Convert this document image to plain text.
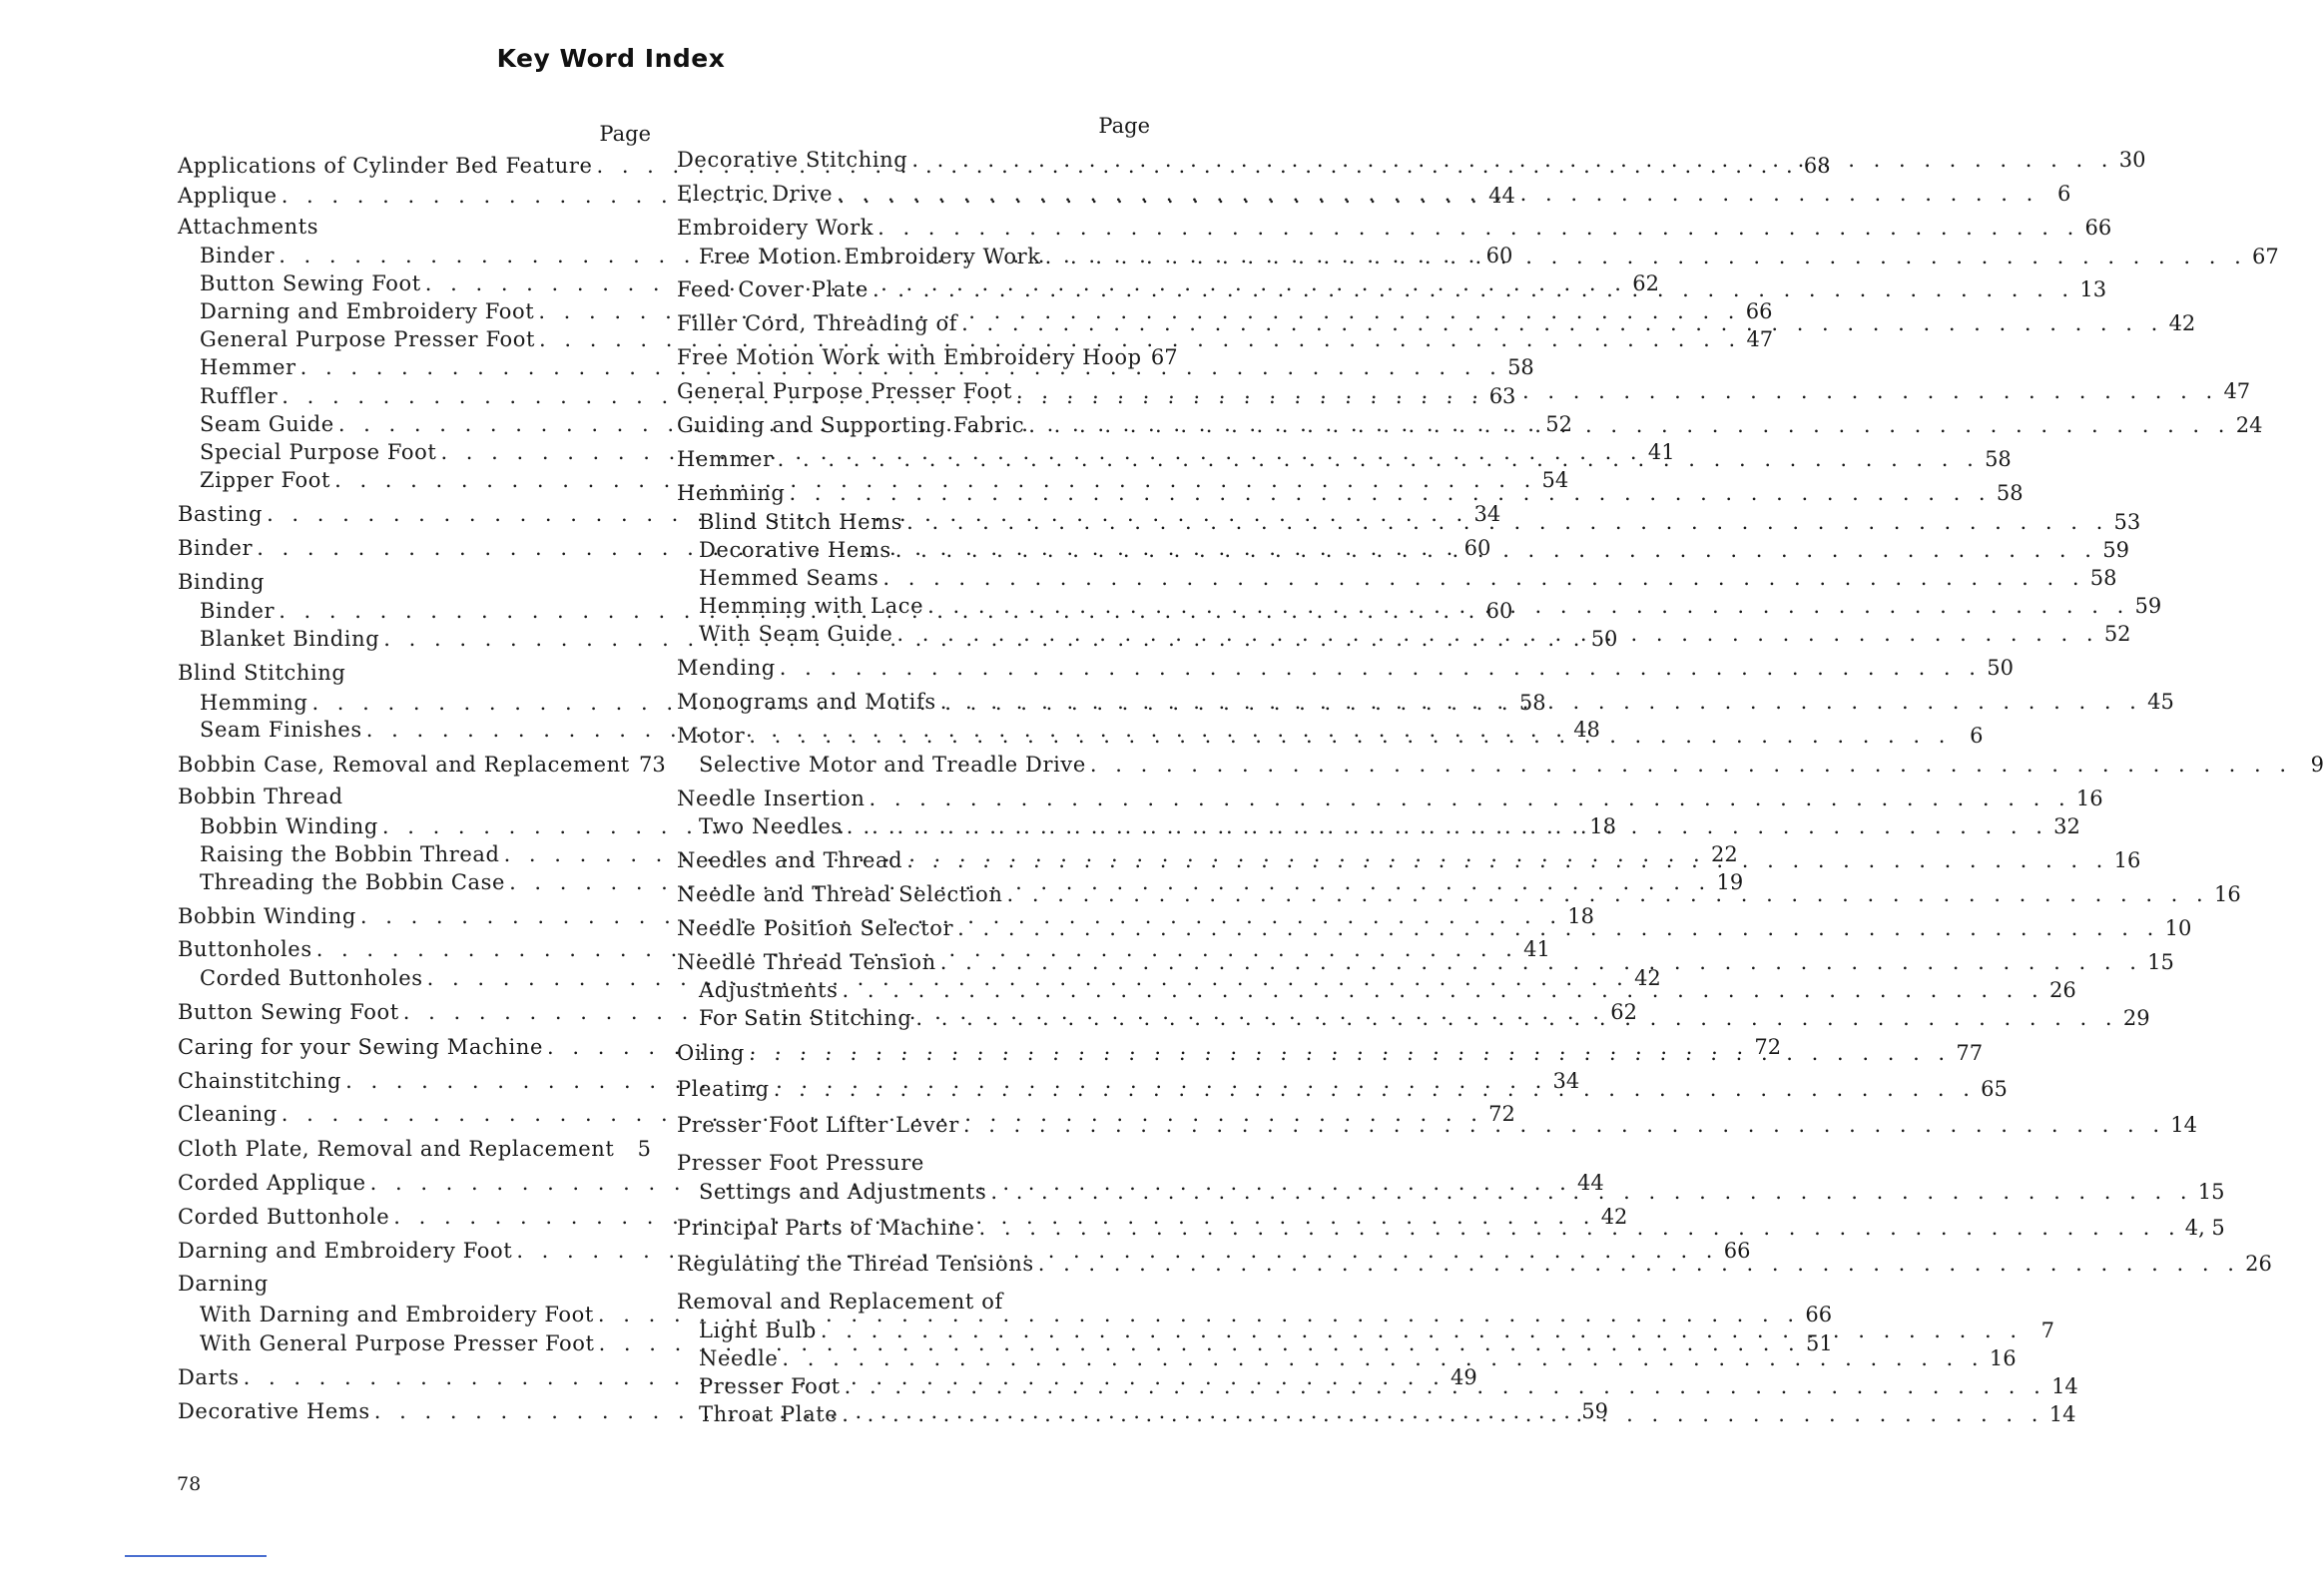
Key Word Index
Page	Page
Applications of Cylinder Bed Feature . . .	68
Applique . . .	44
Attachments
Binder . . .	60
Button Sewing Foot . . .	62
Darning and Embroidery Foot . . .	66
General Purpose Presser Foot . . .	47
Hemmer . . .	58
Ruffler . . .	63
Seam Guide . . .	52
Special Purpose Foot . . .	41
Zipper Foot . . .	54
Basting . . .	34
Binder . . .	60
Binding
Binder . . .	60
Blanket Binding . . .	50
Blind Stitching
Hemming . . .	58
Seam Finishes . . .	48
Bobbin Case, Removal and Replacement 73
Bobbin Thread
Bobbin Winding . . .	18
Raising the Bobbin Thread . . .	22
Threading the Bobbin Case . . .	19
Bobbin Winding . . .	18
Buttonholes . . .	41
Corded Buttonholes . . .	42
Button Sewing Foot . . .	62
Caring for your Sewing Machine . . .	72
Chainstitching . . .	34
Cleaning . . .	72
Cloth Plate, Removal and Replacement . . .	5
Corded Applique . . .	44
Corded Buttonhole . . .	42
Darning and Embroidery Foot . . .	66
Darning
With Darning and Embroidery Foot . . .	66
With General Purpose Presser Foot . . .	51
Darts . . .	49
Decorative Hems . . .	59
Decorative Stitching . . .	30
Electric Drive . . .	6
Embroidery Work . . .	66
Free Motion Embroidery Work . . .	67
Feed Cover Plate . . .	13
Filler Cord, Threading of . . .	42
Free Motion Work with Embroidery Hoop 67
General Purpose Presser Foot . . .	47
Guiding and Supporting Fabric . . .	24
Hemmer . . .	58
Hemming . . .	58
Blind Stitch Hems . . .	53
Decorative Hems . . .	59
Hemmed Seams . . .	58
Hemming with Lace . . .	59
With Seam Guide . . .	52
Mending . . .	50
Monograms and Motifs . . .	45
Motor . . .	6
Selective Motor and Treadle Drive . . .	9
Needle Insertion . . .	16
Two Needles . . .	32
Needles and Thread . . .	16
Needle and Thread Selection . . .	16
Needle Position Selector . . .	10
Needle Thread Tension . . .	15
Adjustments . . .	26
For Satin Stitching . . .	29
Oiling . . .	77
Pleating . . .	65
Presser Foot Lifter Lever . . .	14
Presser Foot Pressure
Settings and Adjustments . . .	15
Principal Parts of Machine . . .	4, 5
Regulating the Thread Tensions . . .	26
Removal and Replacement of
Light Bulb . . .	7
Needle . . .	16
Presser Foot . . .	14
Throat Plate . . .	14
78
